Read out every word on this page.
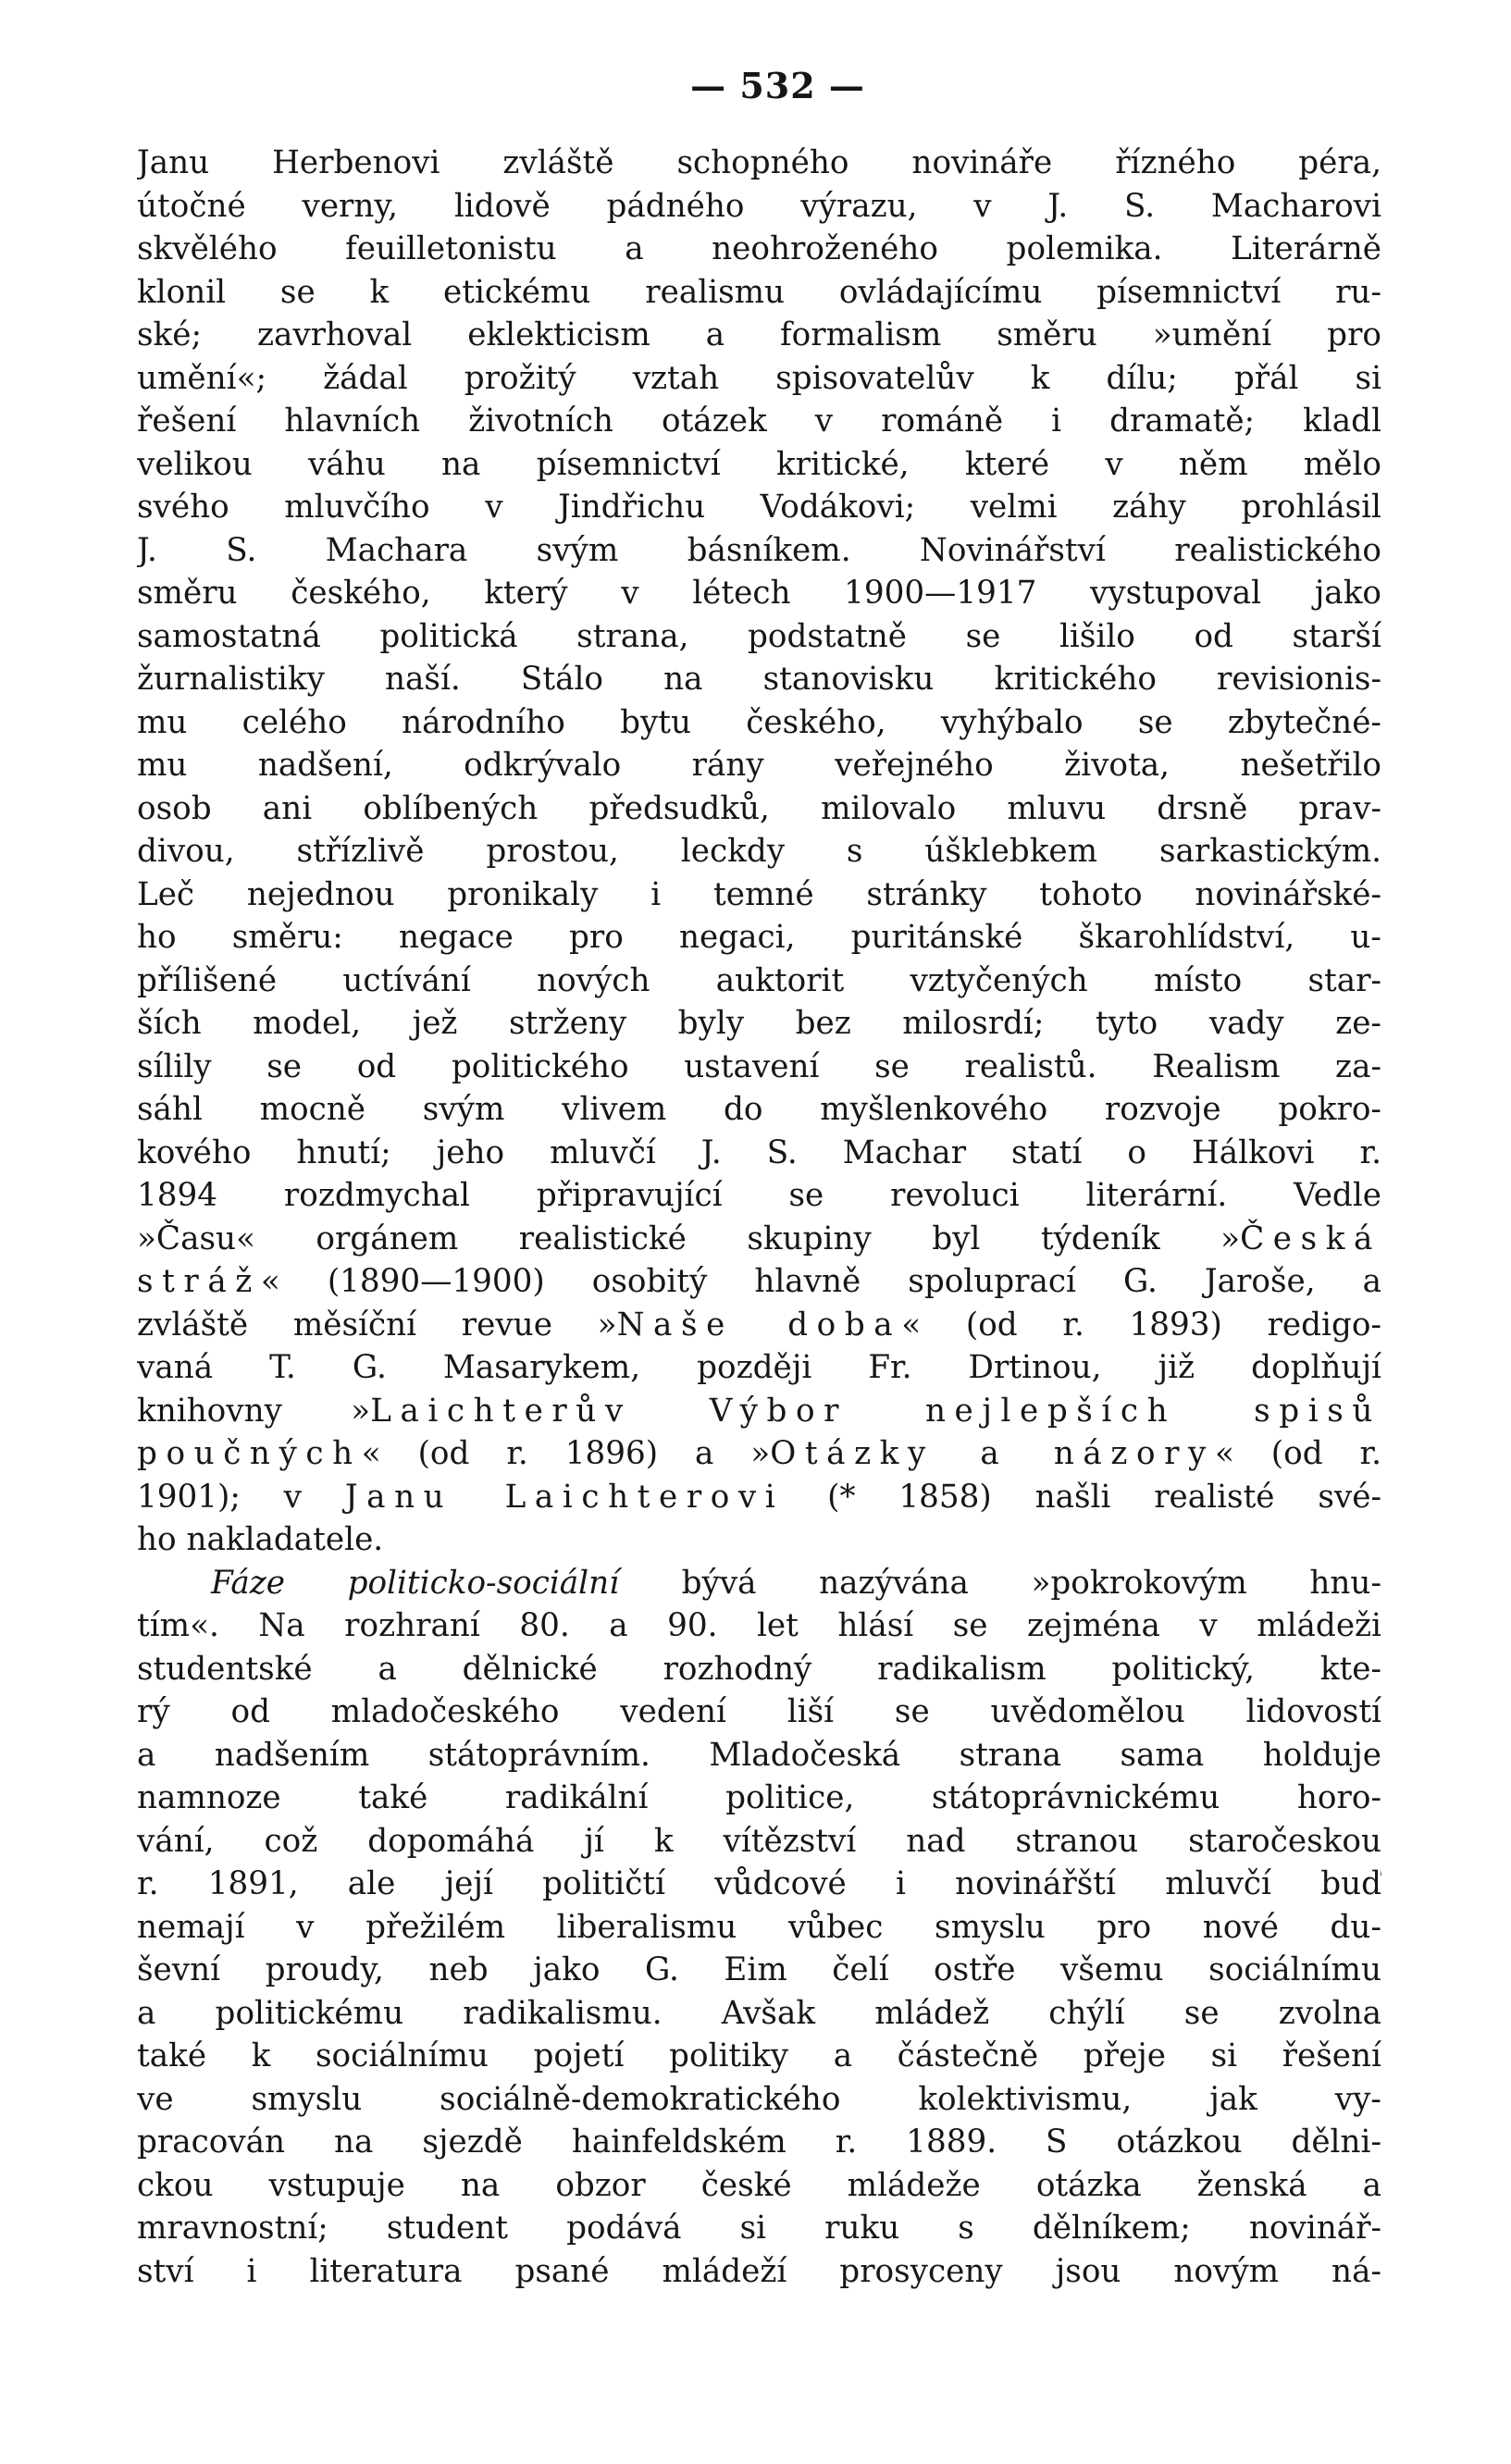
— 532 —
Janu Herbenovi zvláště schopného novináře řízného péra,
útočné verny, lidově pádného výrazu, v J. S. Macharovi
skvělého feuilletonistu a neohroženého polemika. Literárně
klonil se k etickému realismu ovládajícímu písemnictví ru-
ské; zavrhoval eklekticism a formalism směru »umění pro
umění«; žádal prožitý vztah spisovatelův k dílu; přál si
řešení hlavních životních otázek v románě i dramatě; kladl
velikou váhu na písemnictví kritické, které v něm mělo
svého mluvčího v Jindřichu Vodákovi; velmi záhy prohlásil
J. S. Machara svým básníkem. Novinářství realistického
směru českého, který v létech 1900—1917 vystupoval jako
samostatná politická strana, podstatně se lišilo od starší
žurnalistiky naší. Stálo na stanovisku kritického revisionis-
mu celého národního bytu českého, vyhýbalo se zbytečné-
mu nadšení, odkrývalo rány veřejného života, nešetřilo
osob ani oblíbených předsudků, milovalo mluvu drsně prav-
divou, střízlivě prostou, leckdy s úšklebkem sarkastickým.
Leč nejednou pronikaly i temné stránky tohoto novinářské-
ho směru: negace pro negaci, puritánské škarohlídství, u-
přílišené uctívání nových auktorit vztyčených místo star-
ších model, jež strženy byly bez milosrdí; tyto vady ze-
sílily se od politického ustavení se realistů. Realism za-
sáhl mocně svým vlivem do myšlenkového rozvoje pokro-
kového hnutí; jeho mluvčí J. S. Machar statí o Hálkovi r.
1894 rozdmychal připravující se revoluci literární. Vedle
»Času« orgánem realistické skupiny byl týdeník »Česká
stráž« (1890—1900) osobitý hlavně spoluprací G. Jaroše, a
zvláště měsíční revue »Naše doba« (od r. 1893) redigo-
vaná T. G. Masarykem, později Fr. Drtinou, již doplňují
knihovny »Laichterův Výbor nejlepších spisů
poučných« (od r. 1896) a »Otázky a názory« (od r.
1901); v Janu Laichterovi (* 1858) našli realisté své-
ho nakladatele.
Fáze politicko-sociální bývá nazývána »pokrokovým hnu-
tím«. Na rozhraní 80. a 90. let hlásí se zejména v mládeži
studentské a dělnické rozhodný radikalism politický, kte-
rý od mladočeského vedení liší se uvědomělou lidovostí
a nadšením státoprávním. Mladočeská strana sama holduje
namnoze také radikální politice, státoprávnickému horo-
vání, což dopomáhá jí k vítězství nad stranou staročeskou
r. 1891, ale její političtí vůdcové i novinářští mluvčí buď
nemají v přežilém liberalismu vůbec smyslu pro nové du-
ševní proudy, neb jako G. Eim čelí ostře všemu sociálnímu
a politickému radikalismu. Avšak mládež chýlí se zvolna
také k sociálnímu pojetí politiky a částečně přeje si řešení
ve smyslu sociálně-demokratického kolektivismu, jak vy-
pracován na sjezdě hainfeldském r. 1889. S otázkou dělni-
ckou vstupuje na obzor české mládeže otázka ženská a
mravnostní; student podává si ruku s dělníkem; novinář-
ství i literatura psané mládeží prosyceny jsou novým ná-
